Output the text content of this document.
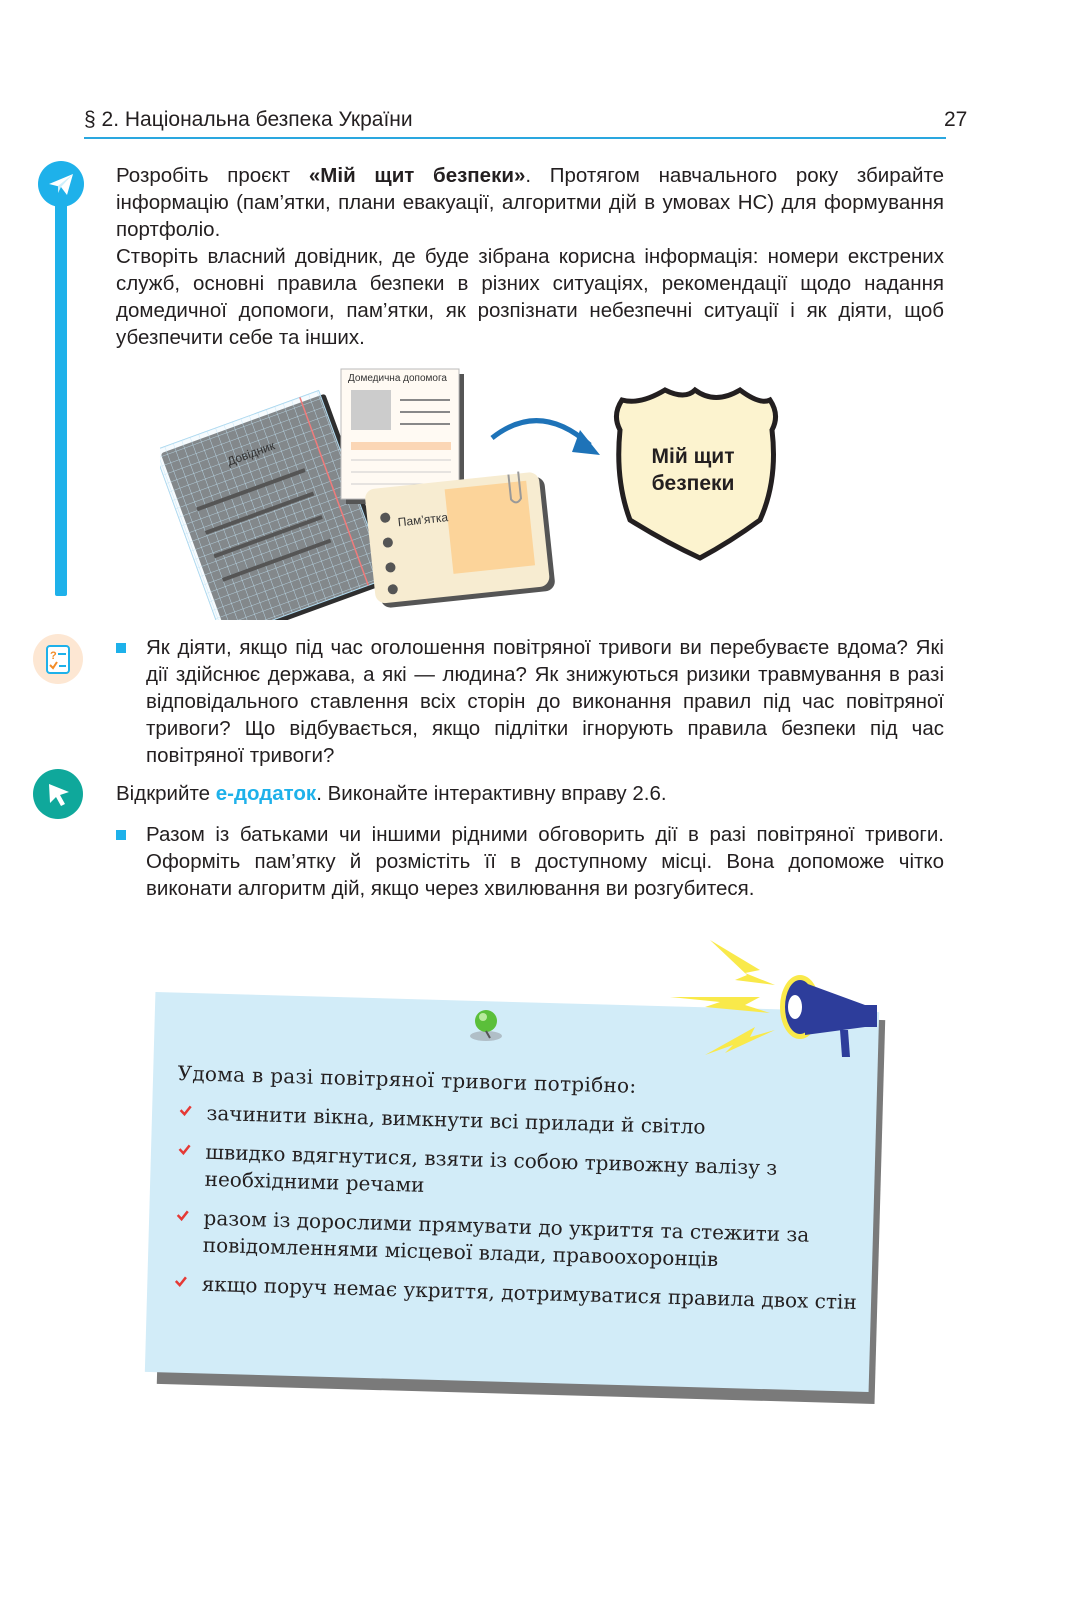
§ 2. Національна безпека України	27
Розробіть проєкт «Мій щит безпеки». Протягом навчального року збирайте інформацію (пам’ятки, плани евакуації, алгоритми дій в умовах НС) для формування портфоліо.
Створіть власний довідник, де буде зібрана корисна інформація: номери екстрених служб, основні правила безпеки в різних ситуаціях, рекомендації щодо надання домедичної допомоги, пам’ятки, як розпізнати небезпечні ситуації і як діяти, щоб убезпечити себе та інших.
Довідник
Домедична допомога
Пам’ятка
Мій щит
безпеки
?	Як діяти, якщо під час оголошення повітряної тривоги ви перебуваєте вдома? Які дії здійснює держава, а які — людина? Як знижуються ризики травмування в разі відповідального ставлення всіх сторін до виконання правил під час повітряної тривоги? Що відбувається, якщо підлітки ігнорують правила безпеки під час повітряної тривоги?
Відкрийте е-додаток. Виконайте інтерактивну вправу 2.6.
Разом із батьками чи іншими рідними обговорить дії в разі повітряної тривоги. Оформіть пам’ятку й розмістіть її в доступному місці. Вона допоможе чітко виконати алгоритм дій, якщо через хвилювання ви розгубитеся.
Удома в разі повітряної тривоги потрібно:
зачинити вікна, вимкнути всі прилади й світло
швидко вдягнутися, взяти із собою тривожну валізу з необхідними речами
разом із дорослими прямувати до укриття та стежити за повідомленнями місцевої влади, правоохоронців
якщо поруч немає укриття, дотримуватися правила двох стін
